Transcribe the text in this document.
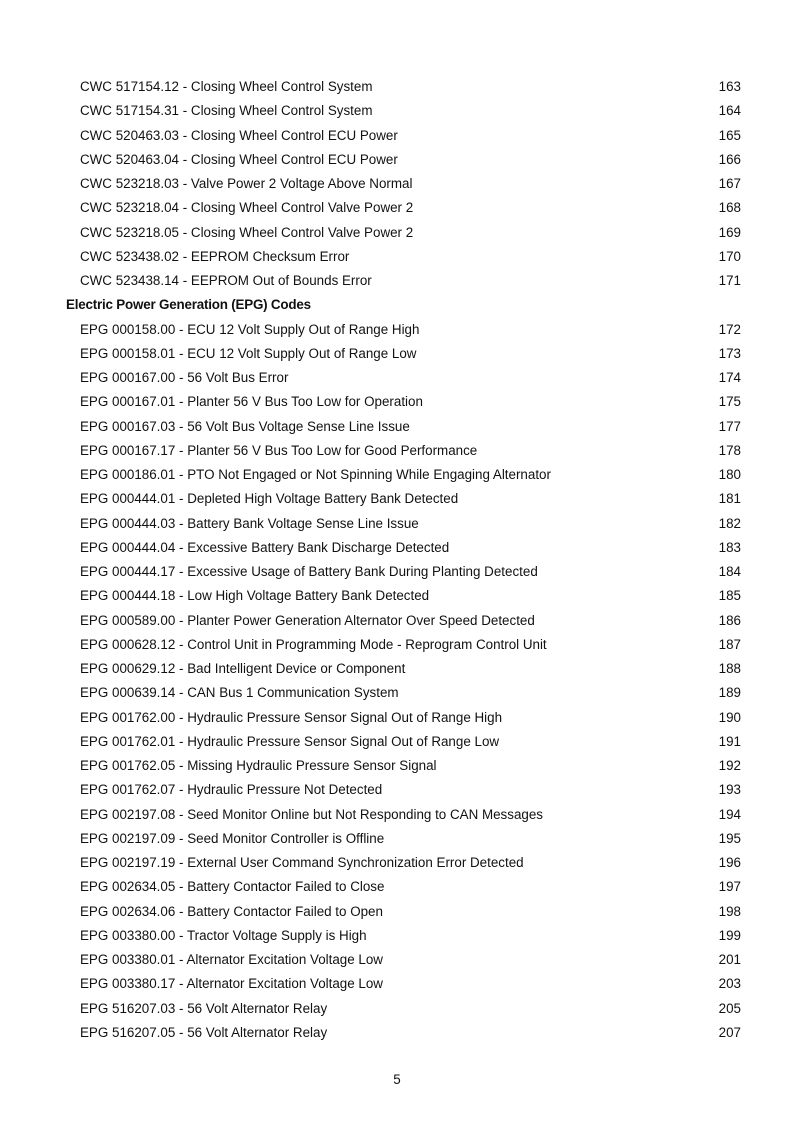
CWC 517154.12 - Closing Wheel Control System	163
CWC 517154.31 - Closing Wheel Control System	164
CWC 520463.03 - Closing Wheel Control ECU Power	165
CWC 520463.04 - Closing Wheel Control ECU Power	166
CWC 523218.03 - Valve Power 2 Voltage Above Normal	167
CWC 523218.04 - Closing Wheel Control Valve Power 2	168
CWC 523218.05 - Closing Wheel Control Valve Power 2	169
CWC 523438.02 - EEPROM Checksum Error	170
CWC 523438.14 - EEPROM Out of Bounds Error	171
Electric Power Generation (EPG) Codes
EPG 000158.00 - ECU 12 Volt Supply Out of Range High	172
EPG 000158.01 - ECU 12 Volt Supply Out of Range Low	173
EPG 000167.00 - 56 Volt Bus Error	174
EPG 000167.01 - Planter 56 V Bus Too Low for Operation	175
EPG 000167.03 - 56 Volt Bus Voltage Sense Line Issue	177
EPG 000167.17 - Planter 56 V Bus Too Low for Good Performance	178
EPG 000186.01 - PTO Not Engaged or Not Spinning While Engaging Alternator	180
EPG 000444.01 - Depleted High Voltage Battery Bank Detected	181
EPG 000444.03 - Battery Bank Voltage Sense Line Issue	182
EPG 000444.04 - Excessive Battery Bank Discharge Detected	183
EPG 000444.17 - Excessive Usage of Battery Bank During Planting Detected	184
EPG 000444.18 - Low High Voltage Battery Bank Detected	185
EPG 000589.00 - Planter Power Generation Alternator Over Speed Detected	186
EPG 000628.12 - Control Unit in Programming Mode - Reprogram Control Unit	187
EPG 000629.12 - Bad Intelligent Device or Component	188
EPG 000639.14 - CAN Bus 1 Communication System	189
EPG 001762.00 - Hydraulic Pressure Sensor Signal Out of Range High	190
EPG 001762.01 - Hydraulic Pressure Sensor Signal Out of Range Low	191
EPG 001762.05 - Missing Hydraulic Pressure Sensor Signal	192
EPG 001762.07 - Hydraulic Pressure Not Detected	193
EPG 002197.08 - Seed Monitor Online but Not Responding to CAN Messages	194
EPG 002197.09 - Seed Monitor Controller is Offline	195
EPG 002197.19 - External User Command Synchronization Error Detected	196
EPG 002634.05 - Battery Contactor Failed to Close	197
EPG 002634.06 - Battery Contactor Failed to Open	198
EPG 003380.00 - Tractor Voltage Supply is High	199
EPG 003380.01 - Alternator Excitation Voltage Low	201
EPG 003380.17 - Alternator Excitation Voltage Low	203
EPG 516207.03 - 56 Volt Alternator Relay	205
EPG 516207.05 - 56 Volt Alternator Relay	207
5
